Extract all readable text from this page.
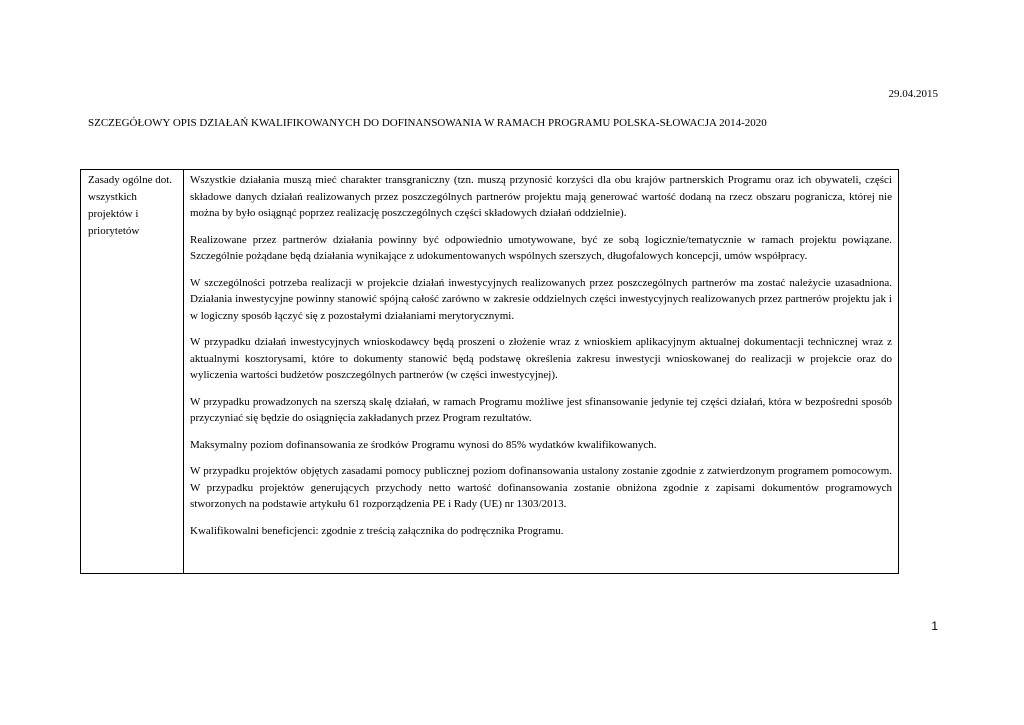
29.04.2015
SZCZEGÓŁOWY OPIS DZIAŁAŃ KWALIFIKOWANYCH DO DOFINANSOWANIA W RAMACH PROGRAMU POLSKA-SŁOWACJA 2014-2020
Zasady ogólne dot. wszystkich projektów i priorytetów

Wszystkie działania muszą mieć charakter transgraniczny (tzn. muszą przynosić korzyści dla obu krajów partnerskich Programu oraz ich obywateli, części składowe danych działań realizowanych przez poszczególnych partnerów projektu mają generować wartość dodaną na rzecz obszaru pogranicza, której nie można by było osiągnąć poprzez realizację poszczególnych części składowych działań oddzielnie).

Realizowane przez partnerów działania powinny być odpowiednio umotywowane, być ze sobą logicznie/tematycznie w ramach projektu powiązane. Szczególnie pożądane będą działania wynikające z udokumentowanych wspólnych szerszych, długofalowych koncepcji, umów współpracy.

W szczególności potrzeba realizacji w projekcie działań inwestycyjnych realizowanych przez poszczególnych partnerów ma zostać należycie uzasadniona. Działania inwestycyjne powinny stanowić spójną całość zarówno w zakresie oddzielnych części inwestycyjnych realizowanych przez partnerów projektu jak i w logiczny sposób łączyć się z pozostałymi działaniami merytorycznymi.

W przypadku działań inwestycyjnych wnioskodawcy będą proszeni o złożenie wraz z wnioskiem aplikacyjnym aktualnej dokumentacji technicznej wraz z aktualnymi kosztorysami, które to dokumenty stanowić będą podstawę określenia zakresu inwestycji wnioskowanej do realizacji w projekcie oraz do wyliczenia wartości budżetów poszczególnych partnerów (w części inwestycyjnej).

W przypadku prowadzonych na szerszą skalę działań, w ramach Programu możliwe jest sfinansowanie jedynie tej części działań, która w bezpośredni sposób przyczyniać się będzie do osiągnięcia zakładanych przez Program rezultatów.

Maksymalny poziom dofinansowania ze środków Programu wynosi do 85% wydatków kwalifikowanych.

W przypadku projektów objętych zasadami pomocy publicznej poziom dofinansowania ustalony zostanie zgodnie z zatwierdzonym programem pomocowym. W przypadku projektów generujących przychody netto wartość dofinansowania zostanie obniżona zgodnie z zapisami dokumentów programowych stworzonych na podstawie artykułu 61 rozporządzenia PE i Rady (UE) nr 1303/2013.

Kwalifikowalni beneficjenci: zgodnie z treścią załącznika do podręcznika Programu.

1
